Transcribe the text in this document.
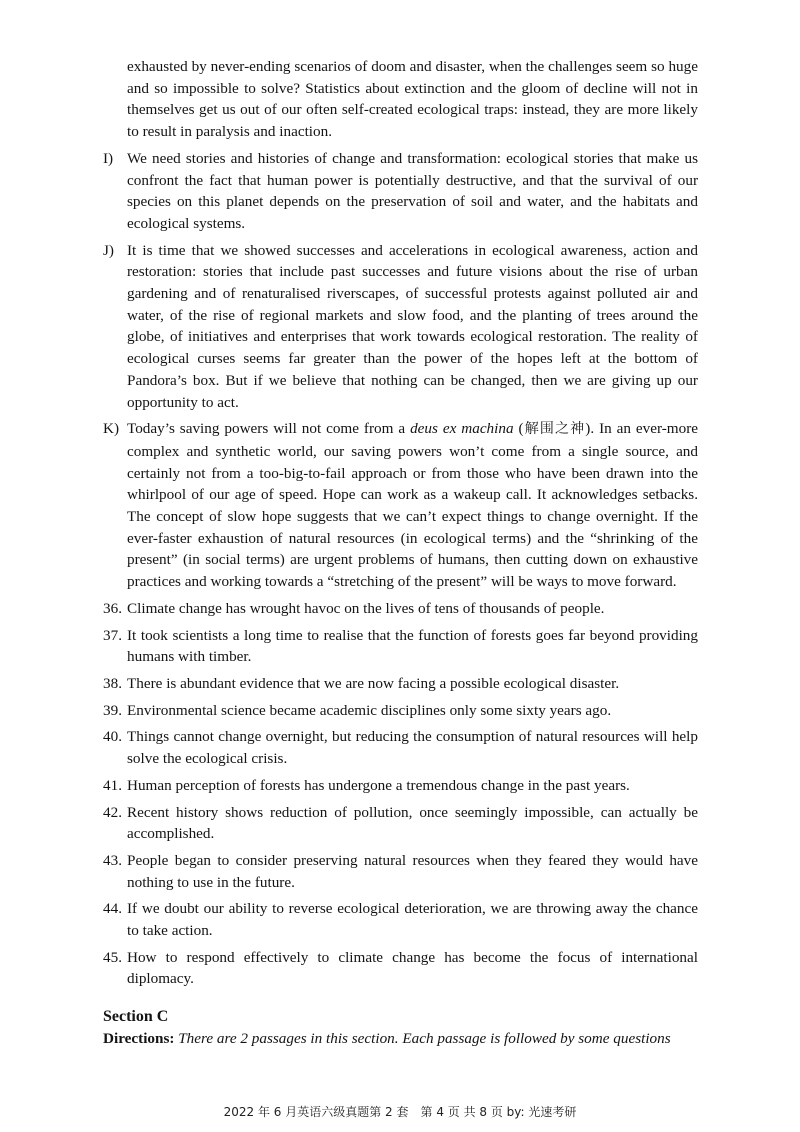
exhausted by never-ending scenarios of doom and disaster, when the challenges seem so huge and so impossible to solve? Statistics about extinction and the gloom of decline will not in themselves get us out of our often self-created ecological traps: instead, they are more likely to result in paralysis and inaction.
I) We need stories and histories of change and transformation: ecological stories that make us confront the fact that human power is potentially destructive, and that the survival of our species on this planet depends on the preservation of soil and water, and the habitats and ecological systems.
J) It is time that we showed successes and accelerations in ecological awareness, action and restoration: stories that include past successes and future visions about the rise of urban gardening and of renaturalised riverscapes, of successful protests against polluted air and water, of the rise of regional markets and slow food, and the planting of trees around the globe, of initiatives and enterprises that work towards ecological restoration. The reality of ecological curses seems far greater than the power of the hopes left at the bottom of Pandora’s box. But if we believe that nothing can be changed, then we are giving up our opportunity to act.
K) Today’s saving powers will not come from a deus ex machina (解围之神). In an ever-more complex and synthetic world, our saving powers won’t come from a single source, and certainly not from a too-big-to-fail approach or from those who have been drawn into the whirlpool of our age of speed. Hope can work as a wakeup call. It acknowledges setbacks. The concept of slow hope suggests that we can’t expect things to change overnight. If the ever-faster exhaustion of natural resources (in ecological terms) and the “shrinking of the present” (in social terms) are urgent problems of humans, then cutting down on exhaustive practices and working towards a “stretching of the present” will be ways to move forward.
36. Climate change has wrought havoc on the lives of tens of thousands of people.
37. It took scientists a long time to realise that the function of forests goes far beyond providing humans with timber.
38. There is abundant evidence that we are now facing a possible ecological disaster.
39. Environmental science became academic disciplines only some sixty years ago.
40. Things cannot change overnight, but reducing the consumption of natural resources will help solve the ecological crisis.
41. Human perception of forests has undergone a tremendous change in the past years.
42. Recent history shows reduction of pollution, once seemingly impossible, can actually be accomplished.
43. People began to consider preserving natural resources when they feared they would have nothing to use in the future.
44. If we doubt our ability to reverse ecological deterioration, we are throwing away the chance to take action.
45. How to respond effectively to climate change has become the focus of international diplomacy.
Section C
Directions: There are 2 passages in this section. Each passage is followed by some questions
2022 年 6 月英语六级真题第 2 套　第 4 页 共 8 页 by: 光速考研
